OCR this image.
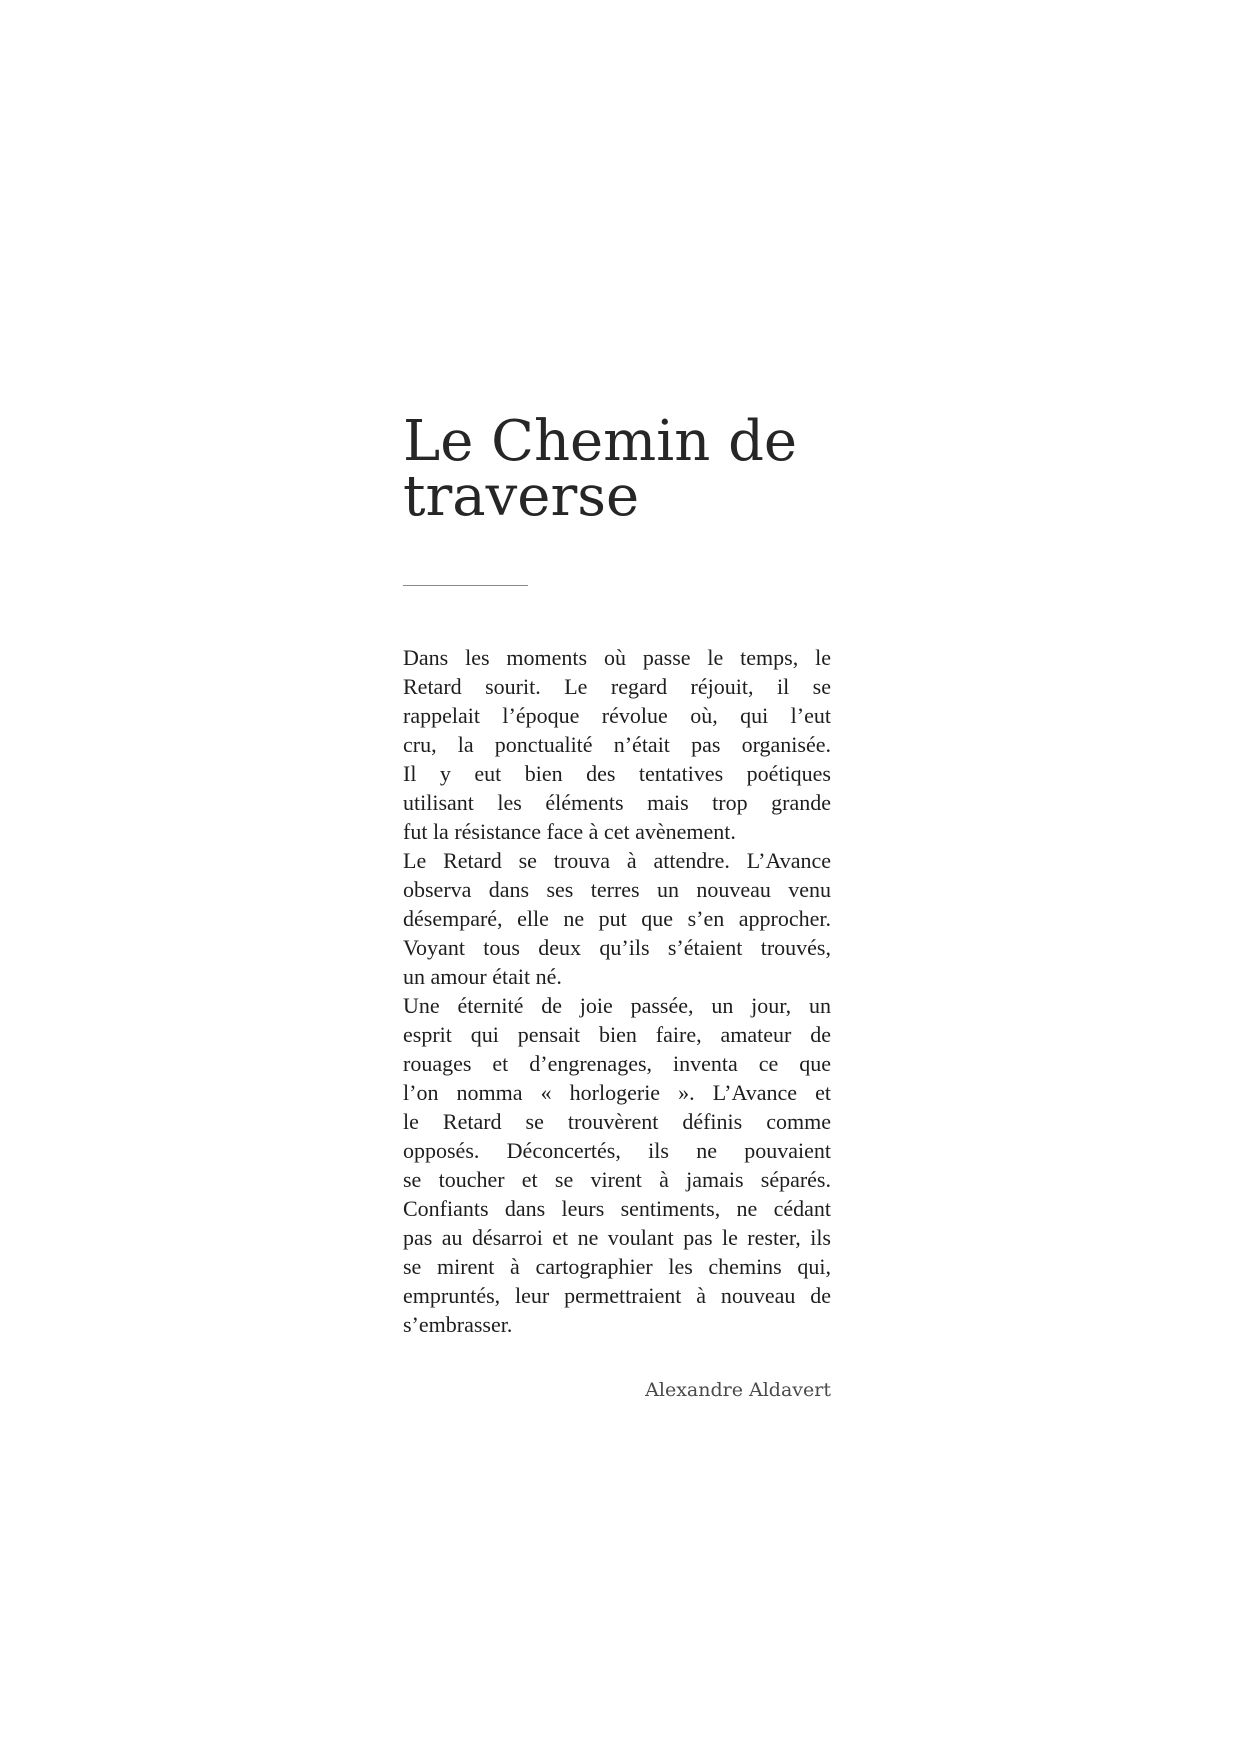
Le Chemin de
traverse
Dans les moments où passe le temps, le
Retard sourit. Le regard réjouit, il se
rappelait l’époque révolue où, qui l’eut
cru, la ponctualité n’était pas organisée.
Il y eut bien des tentatives poétiques
utilisant les éléments mais trop grande
fut la résistance face à cet avènement.
Le Retard se trouva à attendre. L’Avance
observa dans ses terres un nouveau venu
désemparé, elle ne put que s’en approcher.
Voyant tous deux qu’ils s’étaient trouvés,
un amour était né.
Une éternité de joie passée, un jour, un
esprit qui pensait bien faire, amateur de
rouages et d’engrenages, inventa ce que
l’on nomma « horlogerie ». L’Avance et
le Retard se trouvèrent définis comme
opposés. Déconcertés, ils ne pouvaient
se toucher et se virent à jamais séparés.
Confiants dans leurs sentiments, ne cédant
pas au désarroi et ne voulant pas le rester, ils
se mirent à cartographier les chemins qui,
empruntés, leur permettraient à nouveau de
s’embrasser.

Alexandre Aldavert
